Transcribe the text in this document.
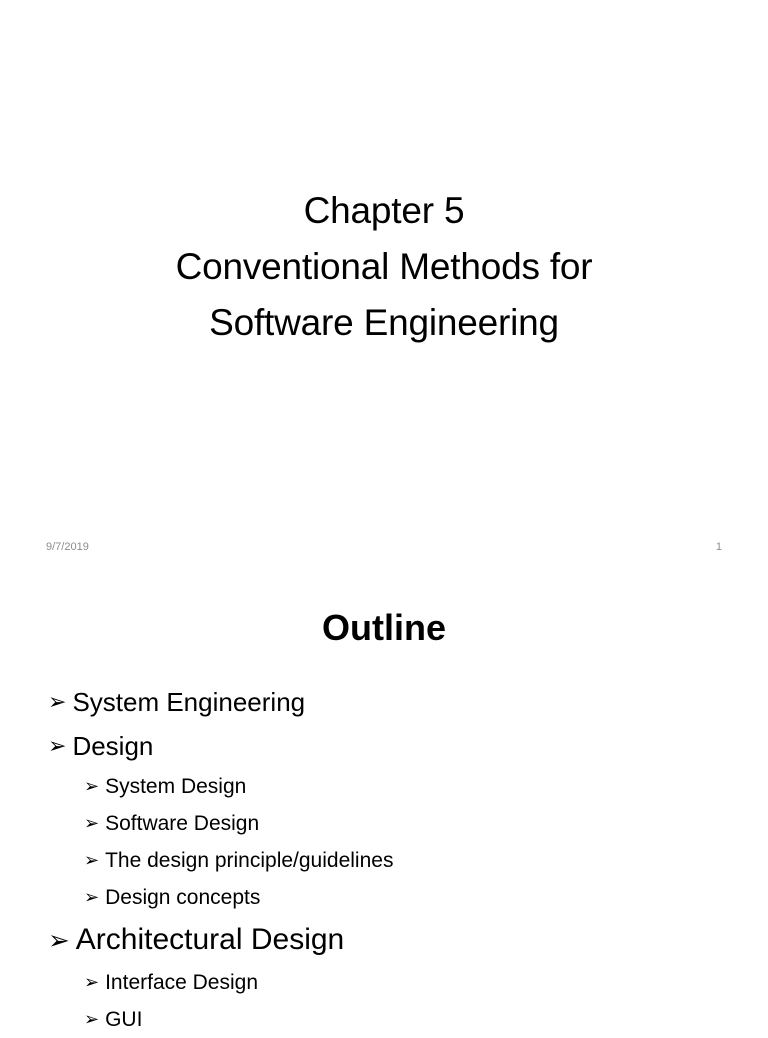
Chapter 5
Conventional Methods for
Software Engineering
9/7/2019	1
Outline
➢ System Engineering
➢ Design
➢ System Design
➢ Software Design
➢ The design principle/guidelines
➢ Design concepts
➢ Architectural Design
➢ Interface Design
➢ GUI
